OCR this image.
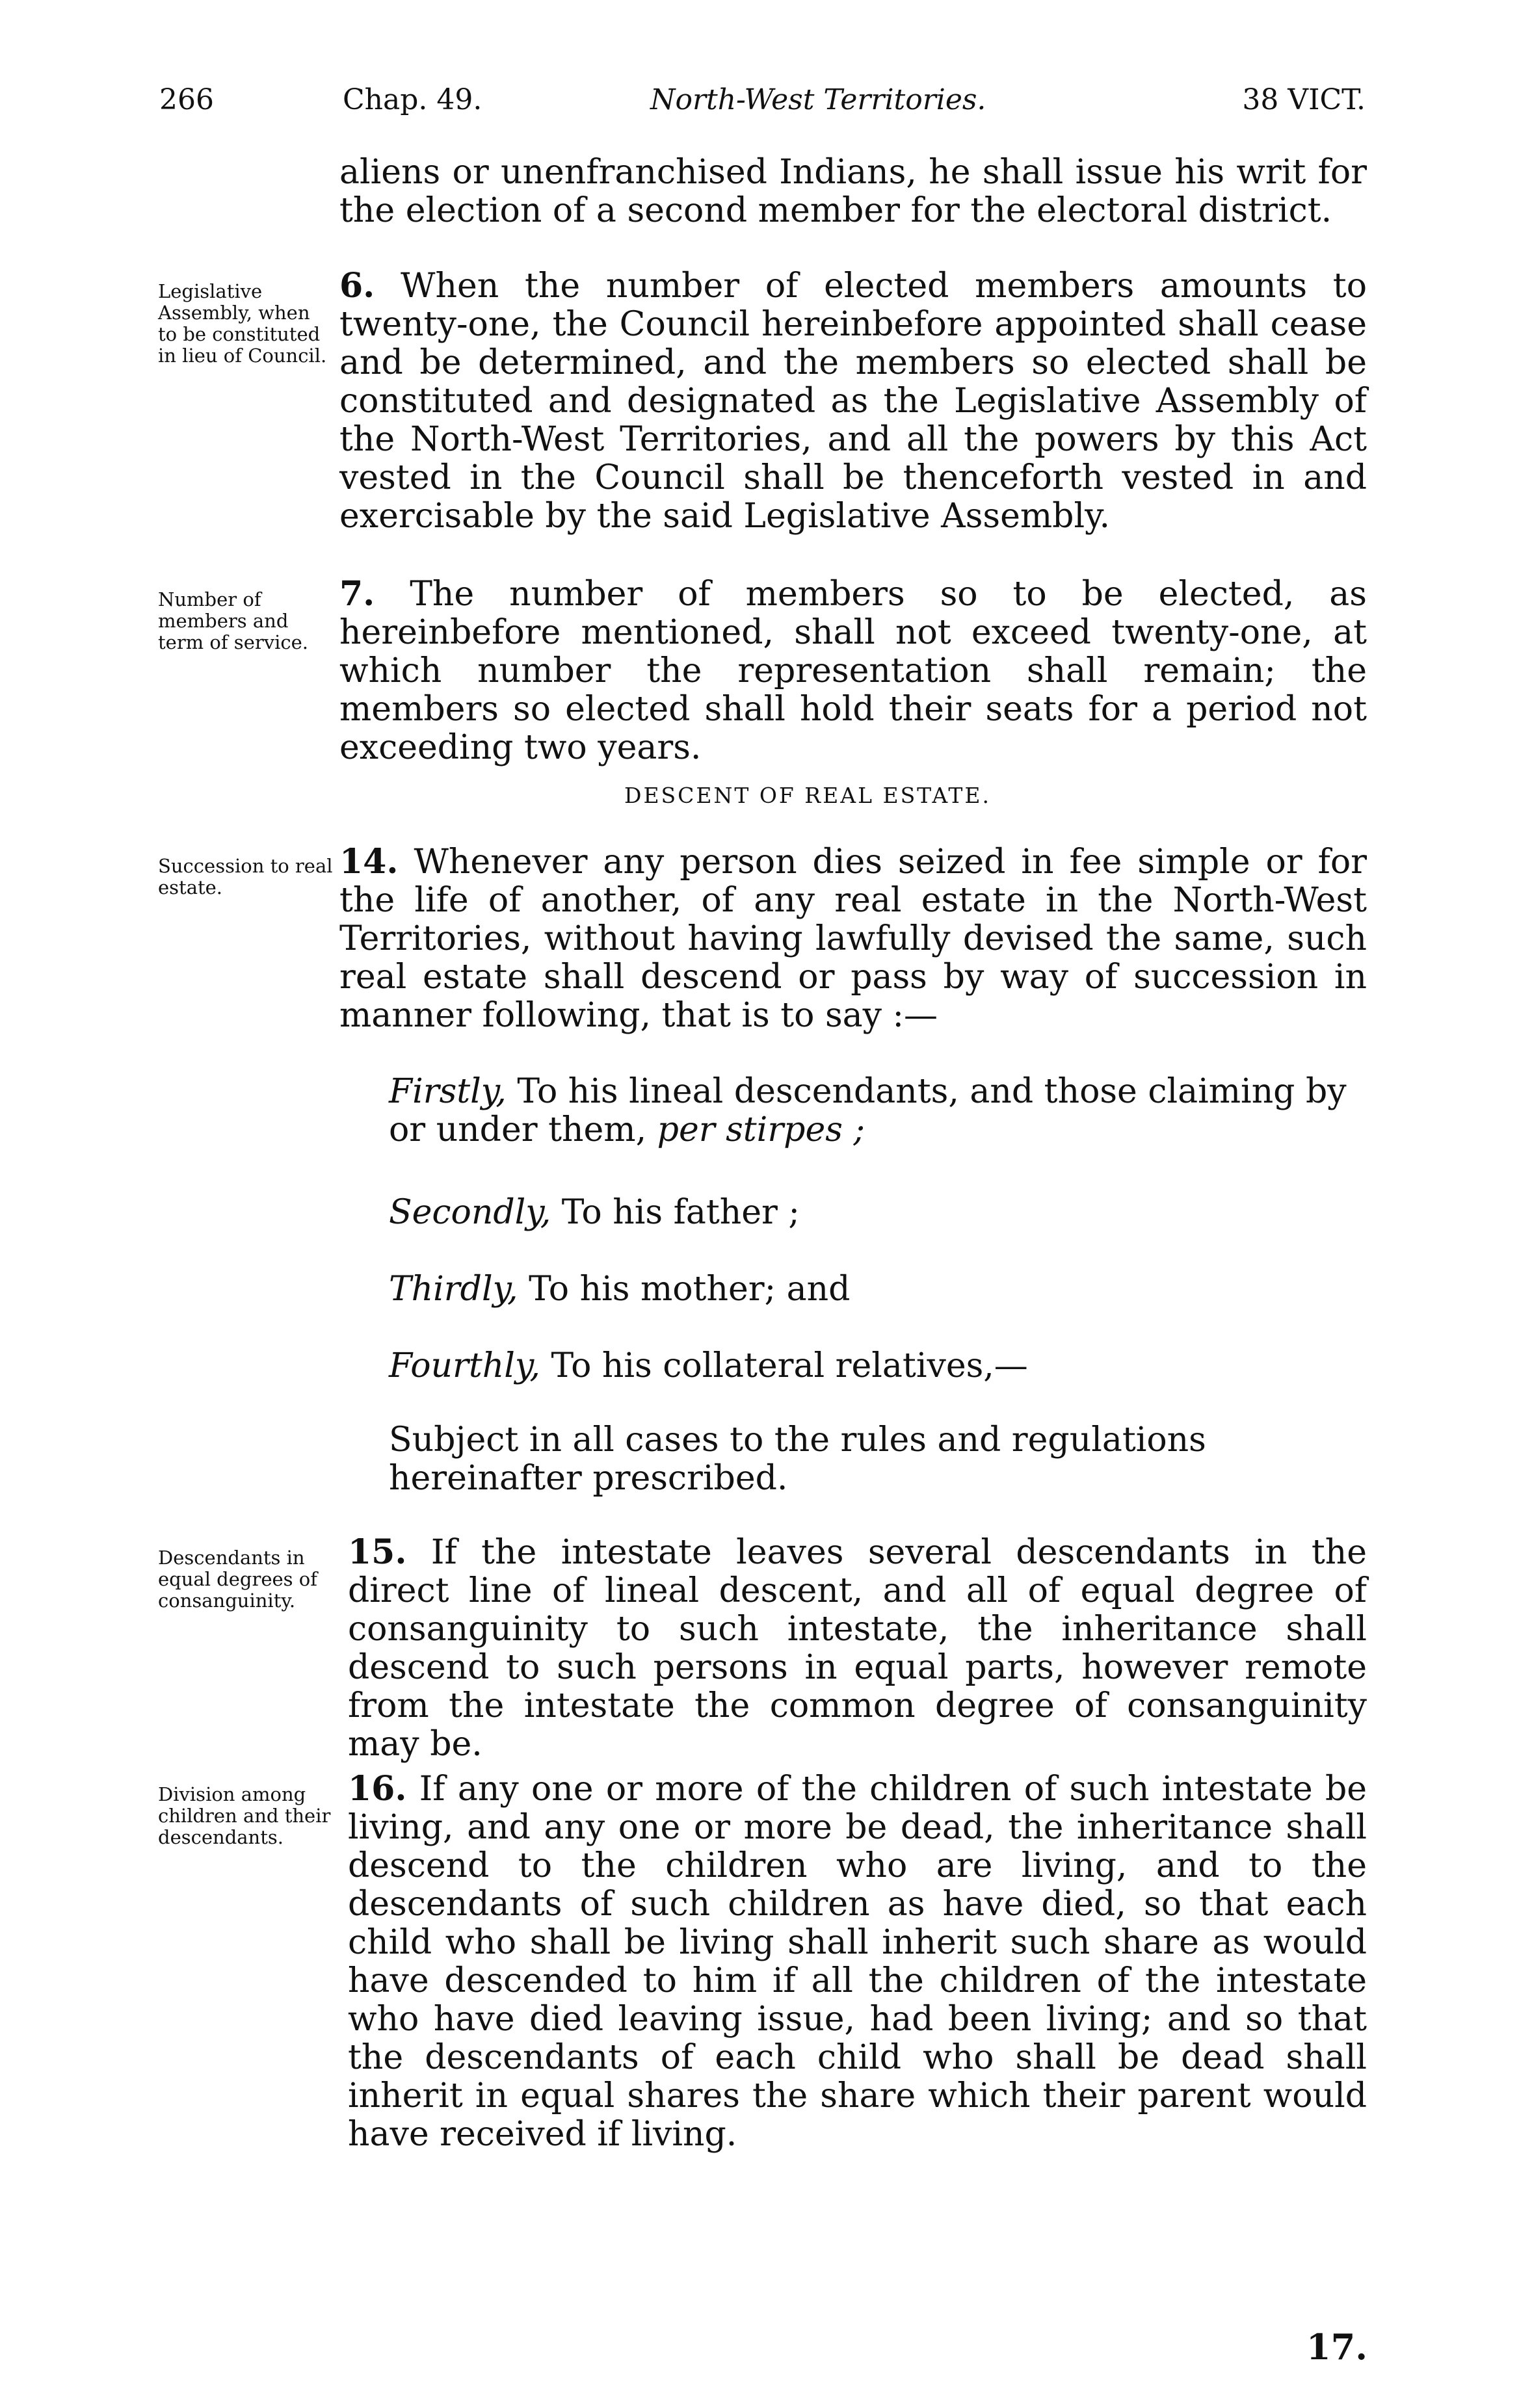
266	Chap. 49.	North-West Territories.	38 VICT.
aliens or unenfranchised Indians, he shall issue his writ for the election of a second member for the electoral district.
Legislative Assembly, when to be constituted in lieu of Council.
6. When the number of elected members amounts to twenty-one, the Council hereinbefore appointed shall cease and be determined, and the members so elected shall be constituted and designated as the Legislative Assembly of the North-West Territories, and all the powers by this Act vested in the Council shall be thenceforth vested in and exercisable by the said Legislative Assembly.
Number of members and term of service.
7. The number of members so to be elected, as hereinbefore mentioned, shall not exceed twenty-one, at which number the representation shall remain; the members so elected shall hold their seats for a period not exceeding two years.
DESCENT OF REAL ESTATE.
Succession to real estate.
14. Whenever any person dies seized in fee simple or for the life of another, of any real estate in the North-West Territories, without having lawfully devised the same, such real estate shall descend or pass by way of succession in manner following, that is to say :—
Firstly, To his lineal descendants, and those claiming by or under them, per stirpes ;
Secondly, To his father ;
Thirdly, To his mother; and
Fourthly, To his collateral relatives,—
Subject in all cases to the rules and regulations hereinafter prescribed.
Descendants in equal degrees of consanguinity.
15. If the intestate leaves several descendants in the direct line of lineal descent, and all of equal degree of consanguinity to such intestate, the inheritance shall descend to such persons in equal parts, however remote from the intestate the common degree of consanguinity may be.
Division among children and their descendants.
16. If any one or more of the children of such intestate be living, and any one or more be dead, the inheritance shall descend to the children who are living, and to the descendants of such children as have died, so that each child who shall be living shall inherit such share as would have descended to him if all the children of the intestate who have died leaving issue, had been living; and so that the descendants of each child who shall be dead shall inherit in equal shares the share which their parent would have received if living.
17.
